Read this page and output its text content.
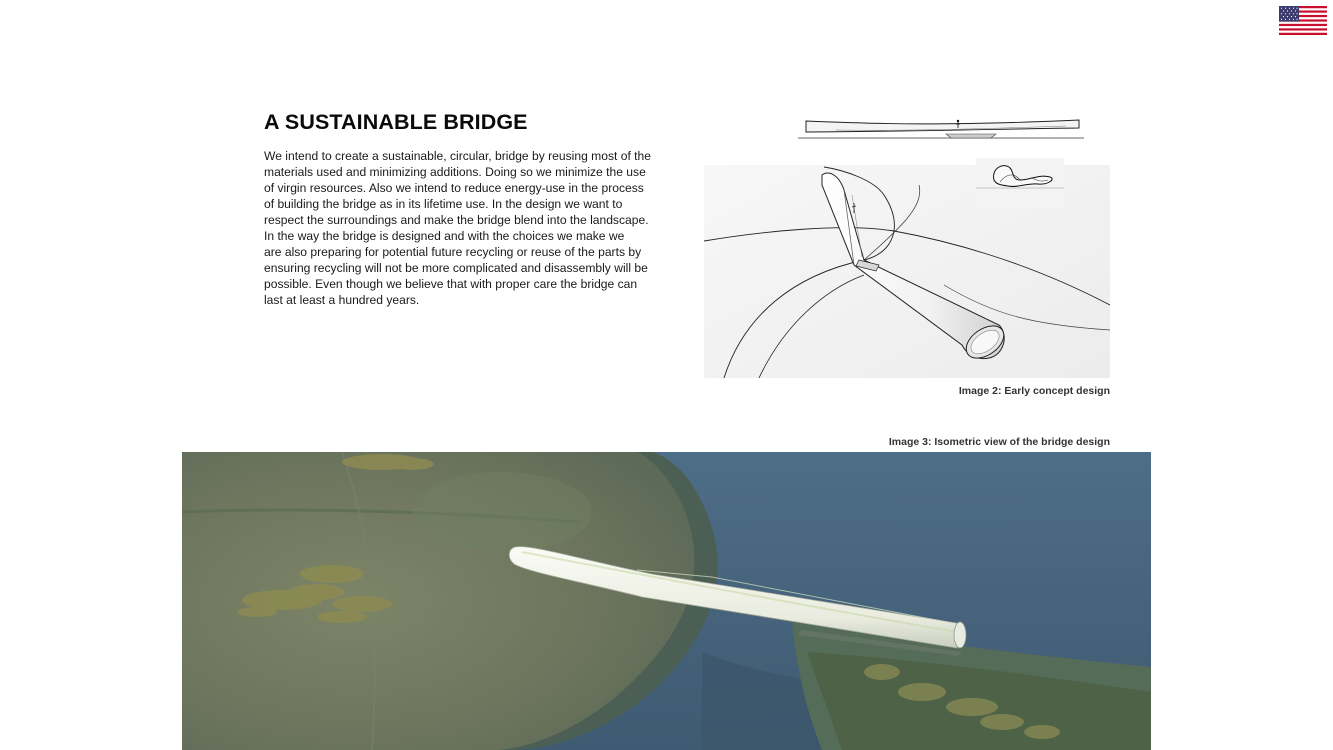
A SUSTAINABLE BRIDGE

We intend to create a sustainable, circular, bridge by reusing most of the
materials used and minimizing additions. Doing so we minimize the use
of virgin resources. Also we intend to reduce energy-use in the process
of building the bridge as in its lifetime use. In the design we want to
respect the surroundings and make the bridge blend into the landscape.
In the way the bridge is designed and with the choices we make we
are also preparing for potential future recycling or reuse of the parts by
ensuring recycling will not be more complicated and disassembly will be
possible. Even though we believe that with proper care the bridge can
last at least a hundred years.

Image 2: Early concept design
Image 3: Isometric view of the bridge design
